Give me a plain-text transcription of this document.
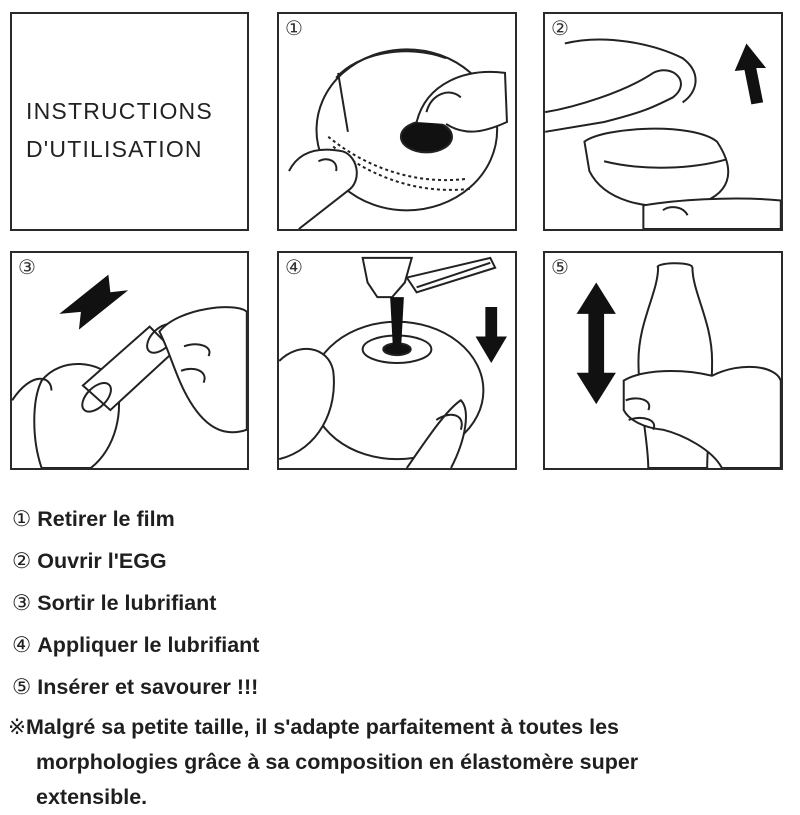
INSTRUCTIONS
D'UTILISATION
①	②
③	④	⑤
① Retirer le film
② Ouvrir l'EGG
③ Sortir le lubrifiant
④ Appliquer le lubrifiant
⑤ Insérer et savourer !!!
※Malgré sa petite taille, il s'adapte parfaitement à toutes les
morphologies grâce à sa composition en élastomère super
extensible.
